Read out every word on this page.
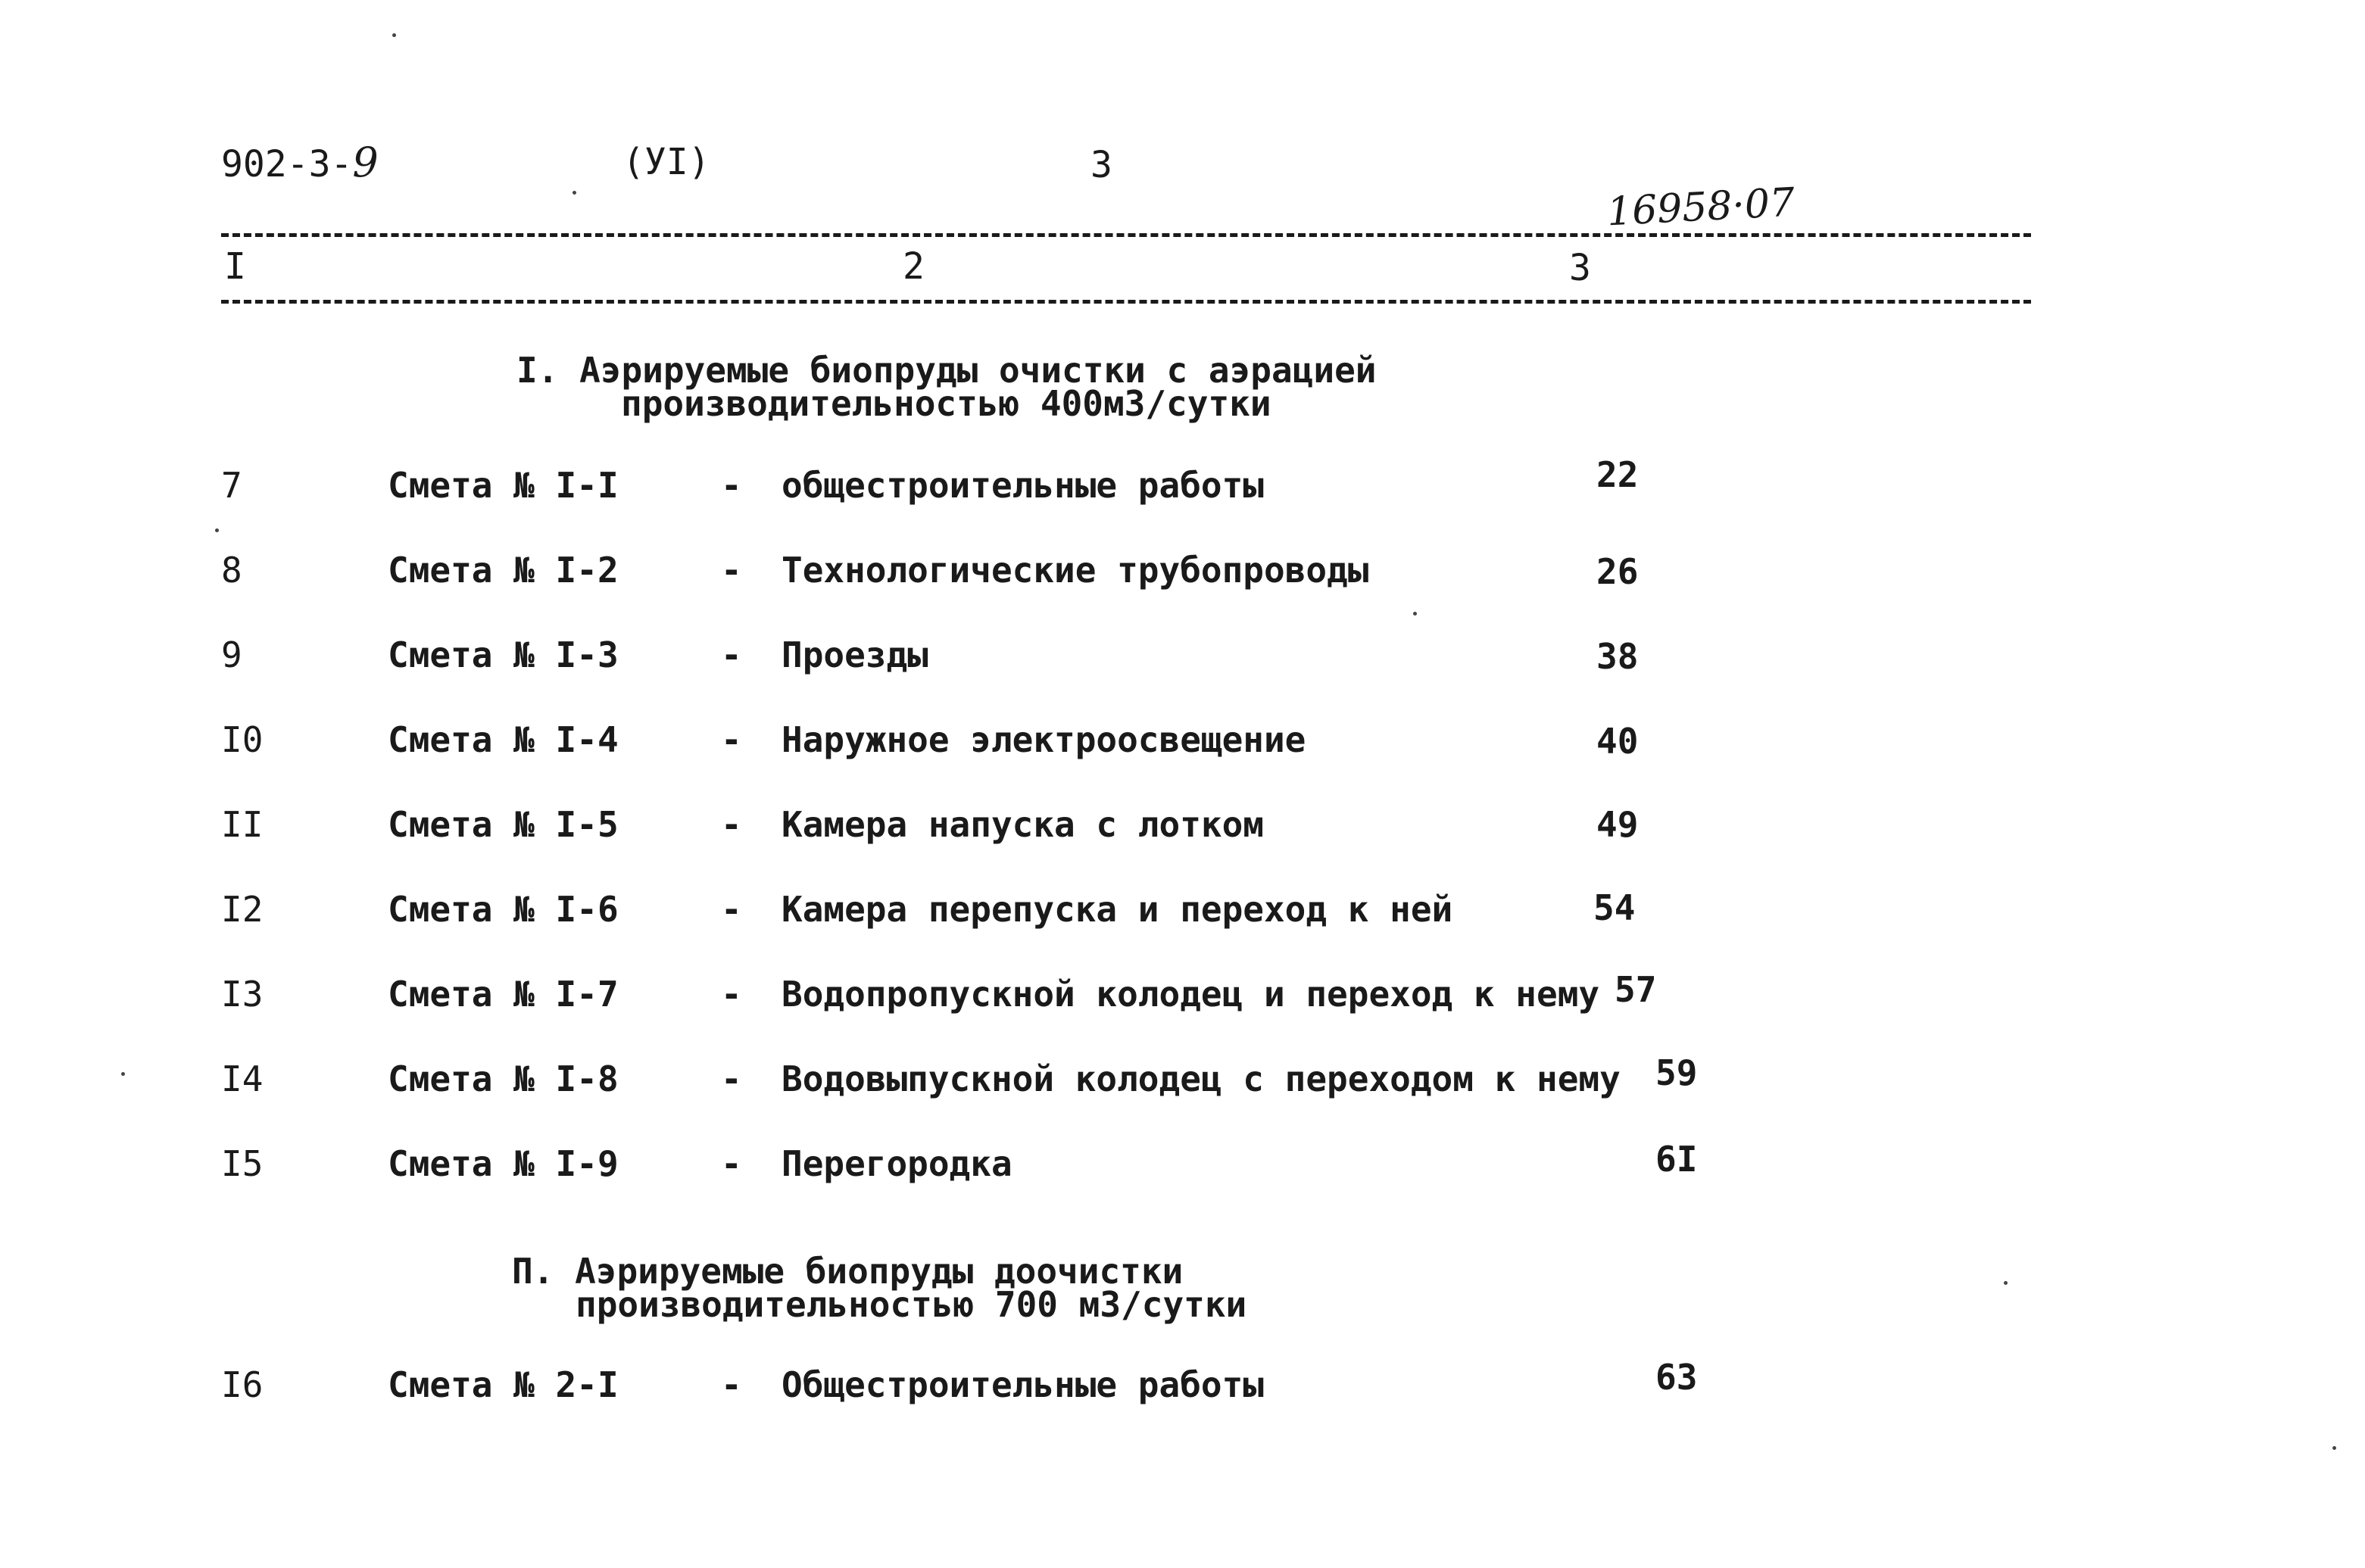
902-3-9	(УI)	3
16958·07
I	2	3
I. Аэрируемые биопруды очистки с аэрацией
производительностью 400м3/сутки
7	Смета № I-I	- общестроительные работы	22
8	Смета № I-2	- Технологические трубопроводы	26
9	Смета № I-3	- Проезды	38
I0	Смета № I-4	- Наружное электроосвещение	40
II	Смета № I-5	- Камера напуска с лотком	49
I2	Смета № I-6	- Камера перепуска и переход к ней	54
I3	Смета № I-7	- Водопропускной колодец и переход к нему 57
I4	Смета № I-8	- Водовыпускной колодец с переходом к нему 59
I5	Смета № I-9	- Перегородка	6I
П. Аэрируемые биопруды доочистки
производительностью 700 м3/сутки
I6	Смета № 2-I	- Общестроительные работы	63
